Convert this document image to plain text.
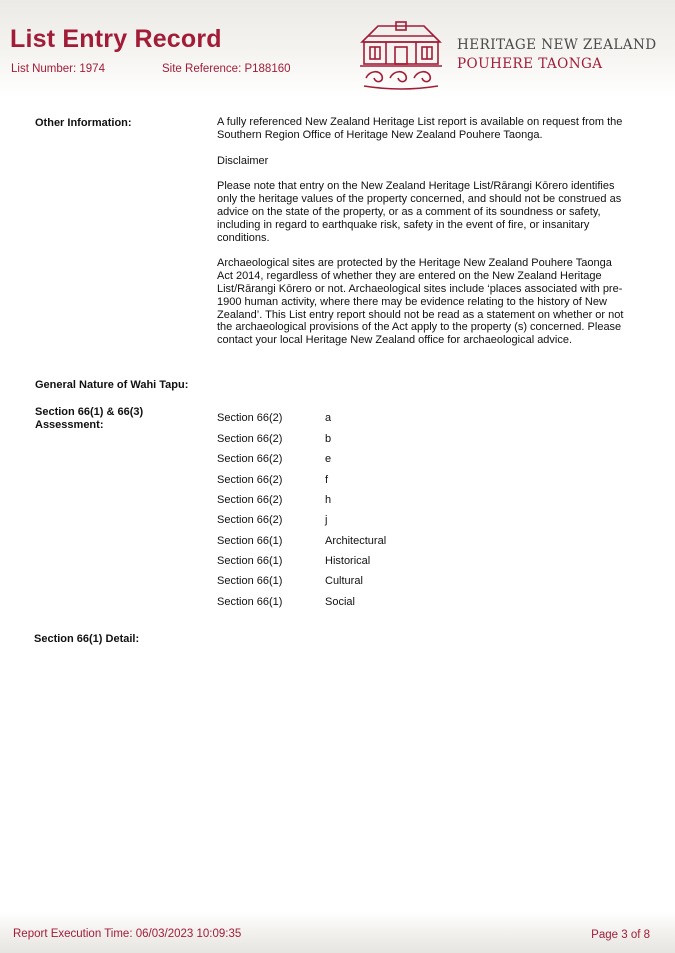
List Entry Record
List Number: 1974	Site Reference: P188160
HERITAGE NEW ZEALAND
POUHERE TAONGA
Other Information:	A fully referenced New Zealand Heritage List report is available on request from the Southern Region Office of Heritage New Zealand Pouhere Taonga.

Disclaimer

Please note that entry on the New Zealand Heritage List/Rārangi Kōrero identifies only the heritage values of the property concerned, and should not be construed as advice on the state of the property, or as a comment of its soundness or safety, including in regard to earthquake risk, safety in the event of fire, or insanitary conditions.

Archaeological sites are protected by the Heritage New Zealand Pouhere Taonga Act 2014, regardless of whether they are entered on the New Zealand Heritage List/Rārangi Kōrero or not. Archaeological sites include ‘places associated with pre-1900 human activity, where there may be evidence relating to the history of New Zealand’. This List entry report should not be read as a statement on whether or not the archaeological provisions of the Act apply to the property (s) concerned. Please contact your local Heritage New Zealand office for archaeological advice.

General Nature of Wahi Tapu:
Section 66(1) & 66(3)
Assessment:
Section 66(2)	a
Section 66(2)	b
Section 66(2)	e
Section 66(2)	f
Section 66(2)	h
Section 66(2)	j
Section 66(1)	Architectural
Section 66(1)	Historical
Section 66(1)	Cultural
Section 66(1)	Social
Section 66(1) Detail:
Report Execution Time: 06/03/2023 10:09:35	Page 3 of 8
